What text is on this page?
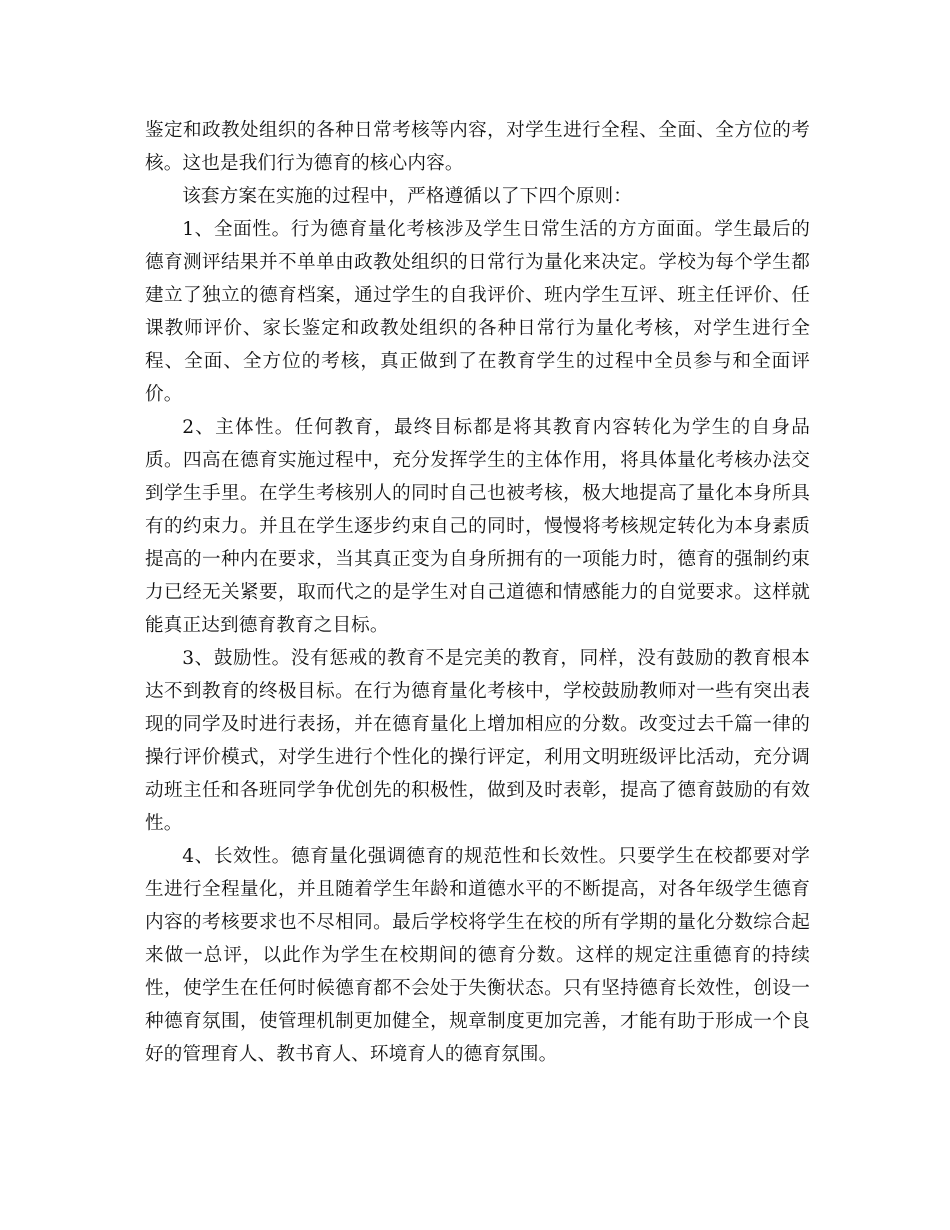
鉴定和政教处组织的各种日常考核等内容，对学生进行全程、全面、全方位的考核。这也是我们行为德育的核心内容。

该套方案在实施的过程中，严格遵循以了下四个原则：

1、全面性。行为德育量化考核涉及学生日常生活的方方面面。学生最后的德育测评结果并不单单由政教处组织的日常行为量化来决定。学校为每个学生都建立了独立的德育档案，通过学生的自我评价、班内学生互评、班主任评价、任课教师评价、家长鉴定和政教处组织的各种日常行为量化考核，对学生进行全程、全面、全方位的考核，真正做到了在教育学生的过程中全员参与和全面评价。

2、主体性。任何教育，最终目标都是将其教育内容转化为学生的自身品质。四高在德育实施过程中，充分发挥学生的主体作用，将具体量化考核办法交到学生手里。在学生考核别人的同时自己也被考核，极大地提高了量化本身所具有的约束力。并且在学生逐步约束自己的同时，慢慢将考核规定转化为本身素质提高的一种内在要求，当其真正变为自身所拥有的一项能力时，德育的强制约束力已经无关紧要，取而代之的是学生对自己道德和情感能力的自觉要求。这样就能真正达到德育教育之目标。

3、鼓励性。没有惩戒的教育不是完美的教育，同样，没有鼓励的教育根本达不到教育的终极目标。在行为德育量化考核中，学校鼓励教师对一些有突出表现的同学及时进行表扬，并在德育量化上增加相应的分数。改变过去千篇一律的操行评价模式，对学生进行个性化的操行评定，利用文明班级评比活动，充分调动班主任和各班同学争优创先的积极性，做到及时表彰，提高了德育鼓励的有效性。

4、长效性。德育量化强调德育的规范性和长效性。只要学生在校都要对学生进行全程量化，并且随着学生年龄和道德水平的不断提高，对各年级学生德育内容的考核要求也不尽相同。最后学校将学生在校的所有学期的量化分数综合起来做一总评，以此作为学生在校期间的德育分数。这样的规定注重德育的持续性，使学生在任何时候德育都不会处于失衡状态。只有坚持德育长效性，创设一种德育氛围，使管理机制更加健全，规章制度更加完善，才能有助于形成一个良好的管理育人、教书育人、环境育人的德育氛围。
